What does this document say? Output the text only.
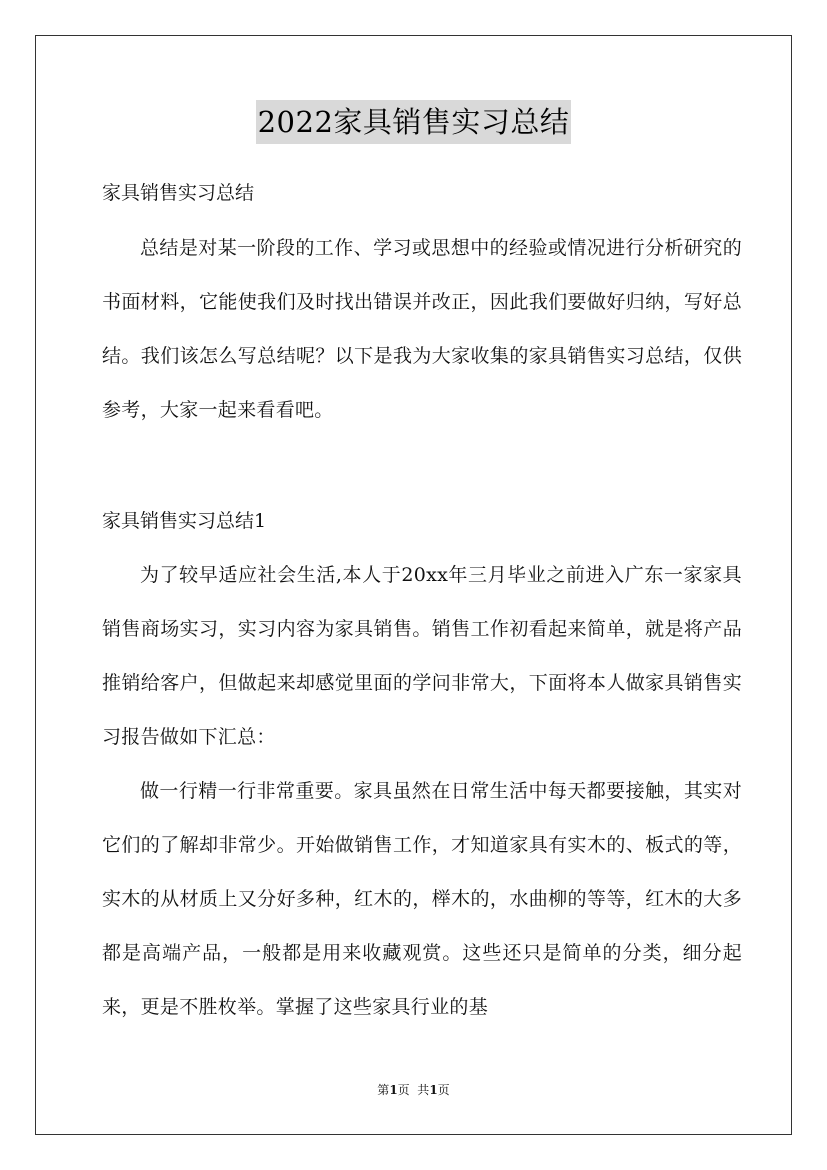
2022家具销售实习总结
家具销售实习总结

总结是对某一阶段的工作、学习或思想中的经验或情况进行分析研究的书面材料，它能使我们及时找出错误并改正，因此我们要做好归纳，写好总结。我们该怎么写总结呢？以下是我为大家收集的家具销售实习总结，仅供参考，大家一起来看看吧。

家具销售实习总结1

为了较早适应社会生活,本人于20xx年三月毕业之前进入广东一家家具销售商场实习，实习内容为家具销售。销售工作初看起来简单，就是将产品推销给客户，但做起来却感觉里面的学问非常大，下面将本人做家具销售实习报告做如下汇总：

做一行精一行非常重要。家具虽然在日常生活中每天都要接触，其实对它们的了解却非常少。开始做销售工作，才知道家具有实木的、板式的等，实木的从材质上又分好多种，红木的，榉木的，水曲柳的等等，红木的大多都是高端产品，一般都是用来收藏观赏。这些还只是简单的分类，细分起来，更是不胜枚举。掌握了这些家具行业的基

第1页  共1页
